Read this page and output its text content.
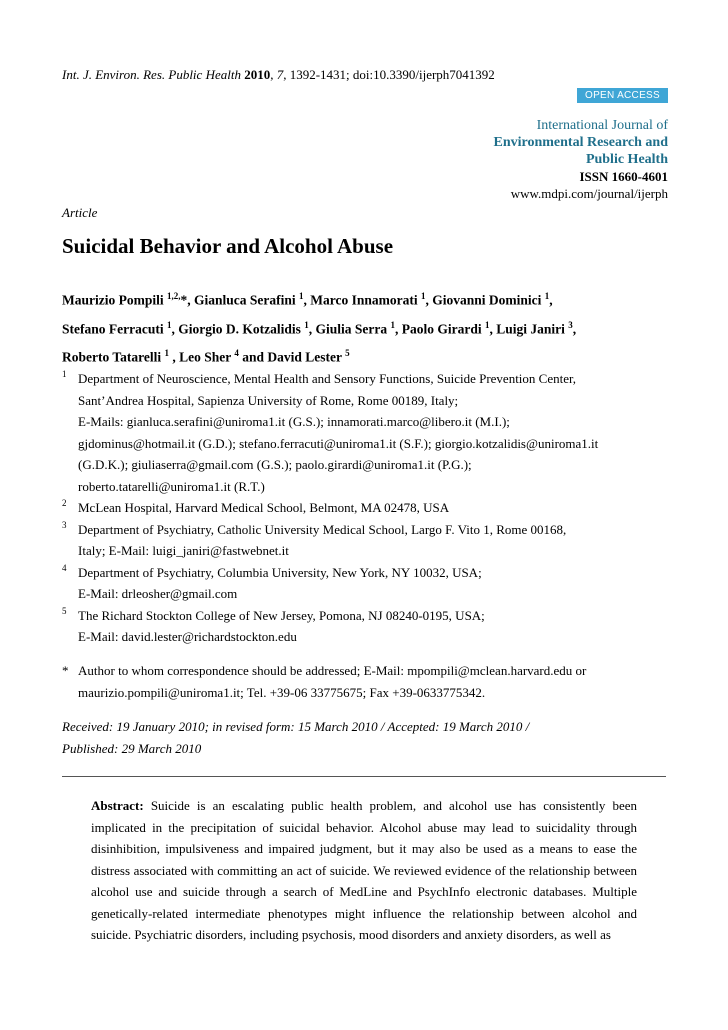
Int. J. Environ. Res. Public Health 2010, 7, 1392-1431; doi:10.3390/ijerph7041392
OPEN ACCESS
International Journal of
Environmental Research and
Public Health
ISSN 1660-4601
www.mdpi.com/journal/ijerph
Article
Suicidal Behavior and Alcohol Abuse
Maurizio Pompili $^{1,2,}$*, Gianluca Serafini $^1$, Marco Innamorati $^1$, Giovanni Dominici $^1$,
Stefano Ferracuti $^1$, Giorgio D. Kotzalidis $^1$, Giulia Serra $^1$, Paolo Girardi $^1$, Luigi Janiri $^3$,
Roberto Tatarelli $^1$ , Leo Sher $^4$ and David Lester $^5$
1 Department of Neuroscience, Mental Health and Sensory Functions, Suicide Prevention Center,
Sant’Andrea Hospital, Sapienza University of Rome, Rome 00189, Italy;
E-Mails: gianluca.serafini@uniroma1.it (G.S.); innamorati.marco@libero.it (M.I.);
gjdominus@hotmail.it (G.D.); stefano.ferracuti@uniroma1.it (S.F.); giorgio.kotzalidis@uniroma1.it
(G.D.K.); giuliaserra@gmail.com (G.S.); paolo.girardi@uniroma1.it (P.G.);
roberto.tatarelli@uniroma1.it (R.T.)
2 McLean Hospital, Harvard Medical School, Belmont, MA 02478, USA
3 Department of Psychiatry, Catholic University Medical School, Largo F. Vito 1, Rome 00168,
Italy; E-Mail: luigi_janiri@fastwebnet.it
4 Department of Psychiatry, Columbia University, New York, NY 10032, USA;
E-Mail: drleosher@gmail.com
5 The Richard Stockton College of New Jersey, Pomona, NJ 08240-0195, USA;
E-Mail: david.lester@richardstockton.edu
* Author to whom correspondence should be addressed; E-Mail: mpompili@mclean.harvard.edu or
maurizio.pompili@uniroma1.it; Tel. +39-06 33775675; Fax +39-0633775342.
Received: 19 January 2010; in revised form: 15 March 2010 / Accepted: 19 March 2010 /
Published: 29 March 2010
Abstract: Suicide is an escalating public health problem, and alcohol use has consistently been implicated in the precipitation of suicidal behavior. Alcohol abuse may lead to suicidality through disinhibition, impulsiveness and impaired judgment, but it may also be used as a means to ease the distress associated with committing an act of suicide. We reviewed evidence of the relationship between alcohol use and suicide through a search of MedLine and PsychInfo electronic databases. Multiple genetically-related intermediate phenotypes might influence the relationship between alcohol and suicide. Psychiatric disorders, including psychosis, mood disorders and anxiety disorders, as well as
